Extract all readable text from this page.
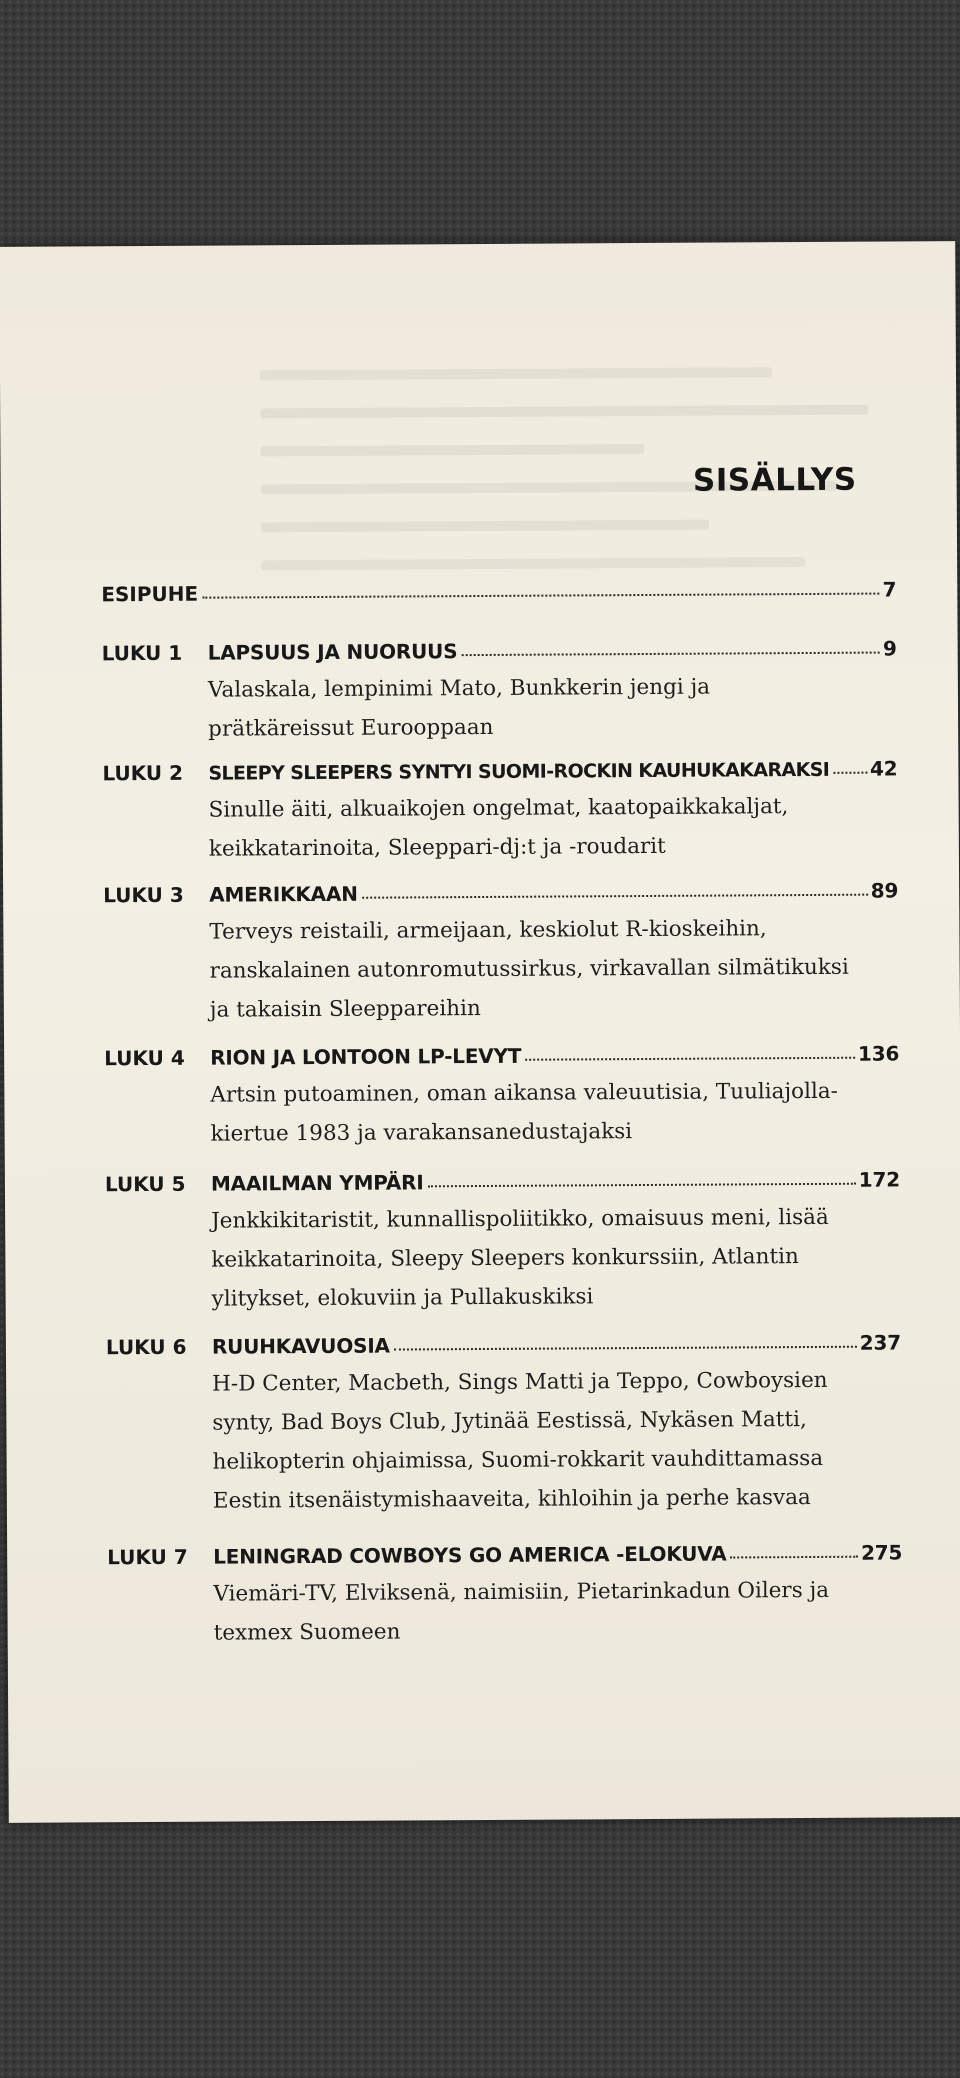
SISÄLLYS
ESIPUHE	7
LUKU 1	LAPSUUS JA NUORUUS	9
Valaskala, lempinimi Mato, Bunkkerin jengi ja prätkäreissut Eurooppaan
LUKU 2	SLEEPY SLEEPERS SYNTYI SUOMI-ROCKIN KAUHUKAKARAKSI 42
Sinulle äiti, alkuaikojen ongelmat, kaatopaikkakaljat, keikkatarinoita, Sleeppari-dj:t ja -roudarit
LUKU 3	AMERIKKAAN	89
Terveys reistaili, armeijaan, keskiolut R-kioskeihin, ranskalainen autonromutussirkus, virkavallan silmätikuksi ja takaisin Sleeppareihin
LUKU 4	RION JA LONTOON LP-LEVYT	136
Artsin putoaminen, oman aikansa valeuutisia, Tuuliajolla-kiertue 1983 ja varakansanedustajaksi
LUKU 5	MAAILMAN YMPÄRI	172
Jenkkikitaristit, kunnallispoliitikko, omaisuus meni, lisää keikkatarinoita, Sleepy Sleepers konkurssiin, Atlantin ylitykset, elokuviin ja Pullakuskiksi
LUKU 6	RUUHKAVUOSIA	237
H-D Center, Macbeth, Sings Matti ja Teppo, Cowboysien synty, Bad Boys Club, Jytinää Eestissä, Nykäsen Matti, helikopterin ohjaimissa, Suomi-rokkarit vauhdittamassa Eestin itsenäistymishaaveita, kihloihin ja perhe kasvaa
LUKU 7	LENINGRAD COWBOYS GO AMERICA -ELOKUVA	275
Viemäri-TV, Elviksenä, naimisiin, Pietarinkadun Oilers ja texmex Suomeen
